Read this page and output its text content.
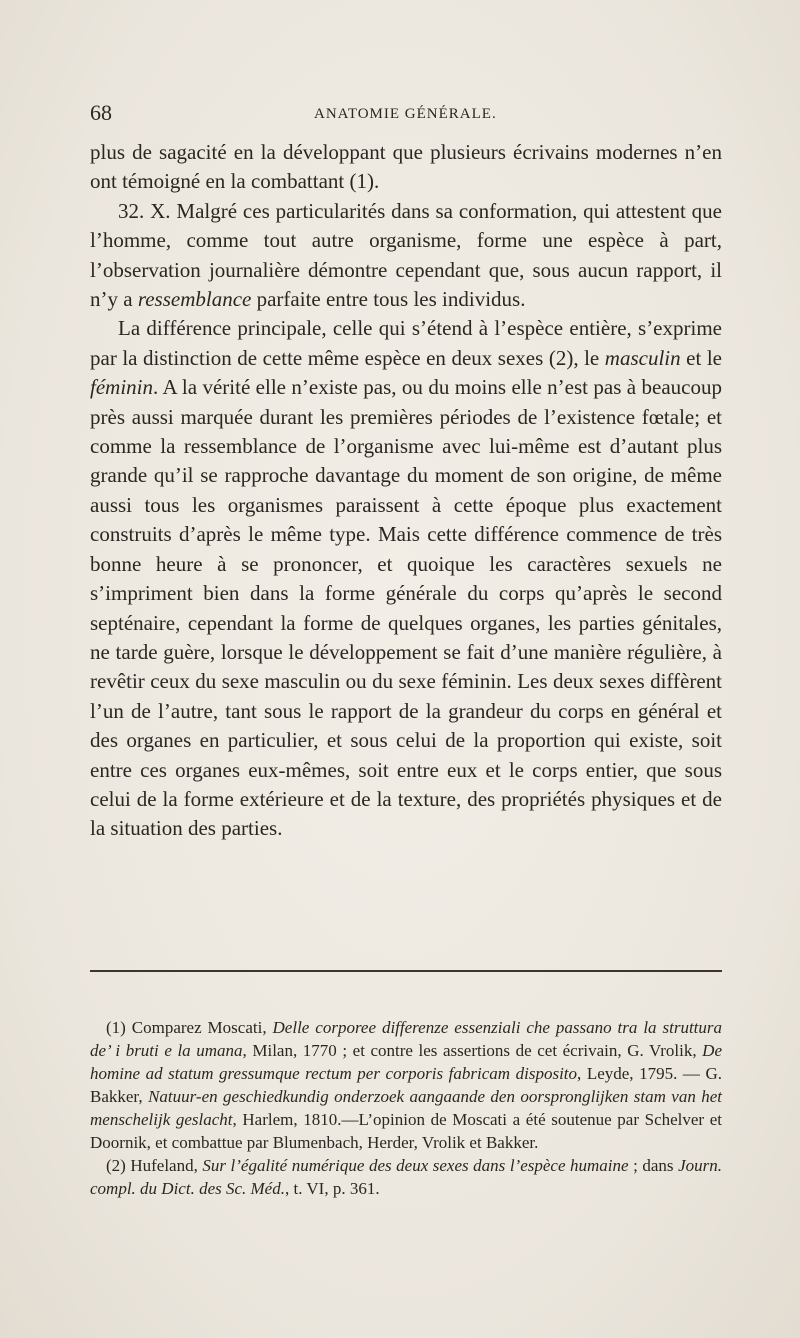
68	ANATOMIE GÉNÉRALE.

plus de sagacité en la développant que plusieurs écrivains modernes n’en ont témoigné en la combattant (1).

32. X. Malgré ces particularités dans sa conformation, qui attestent que l’homme, comme tout autre organisme, forme une espèce à part, l’observation journalière démontre cependant que, sous aucun rapport, il n’y a ressemblance parfaite entre tous les individus.

La différence principale, celle qui s’étend à l’espèce entière, s’exprime par la distinction de cette même espèce en deux sexes (2), le masculin et le féminin. A la vérité elle n’existe pas, ou du moins elle n’est pas à beaucoup près aussi marquée durant les premières périodes de l’existence fœtale; et comme la ressemblance de l’organisme avec lui-même est d’autant plus grande qu’il se rapproche davantage du moment de son origine, de même aussi tous les organismes paraissent à cette époque plus exactement construits d’après le même type. Mais cette différence commence de très bonne heure à se prononcer, et quoique les caractères sexuels ne s’impriment bien dans la forme générale du corps qu’après le second septénaire, cependant la forme de quelques organes, les parties génitales, ne tarde guère, lorsque le développement se fait d’une manière régulière, à revêtir ceux du sexe masculin ou du sexe féminin. Les deux sexes diffèrent l’un de l’autre, tant sous le rapport de la grandeur du corps en général et des organes en particulier, et sous celui de la proportion qui existe, soit entre ces organes eux-mêmes, soit entre eux et le corps entier, que sous celui de la forme extérieure et de la texture, des propriétés physiques et de la situation des parties.

(1) Comparez Moscati, Delle corporee differenze essenziali che passano tra la struttura de’ i bruti e la umana, Milan, 1770 ; et contre les assertions de cet écrivain, G. Vrolik, De homine ad statum gressumque rectum per corporis fabricam disposito, Leyde, 1795. — G. Bakker, Natuur-en geschiedkundig onderzoek aangaande den oorspronglijken stam van het menschelijk geslacht, Harlem, 1810.—L’opinion de Moscati a été soutenue par Schelver et Doornik, et combattue par Blumenbach, Herder, Vrolik et Bakker.

(2) Hufeland, Sur l’égalité numérique des deux sexes dans l’espèce humaine ; dans Journ. compl. du Dict. des Sc. Méd., t. VI, p. 361.
